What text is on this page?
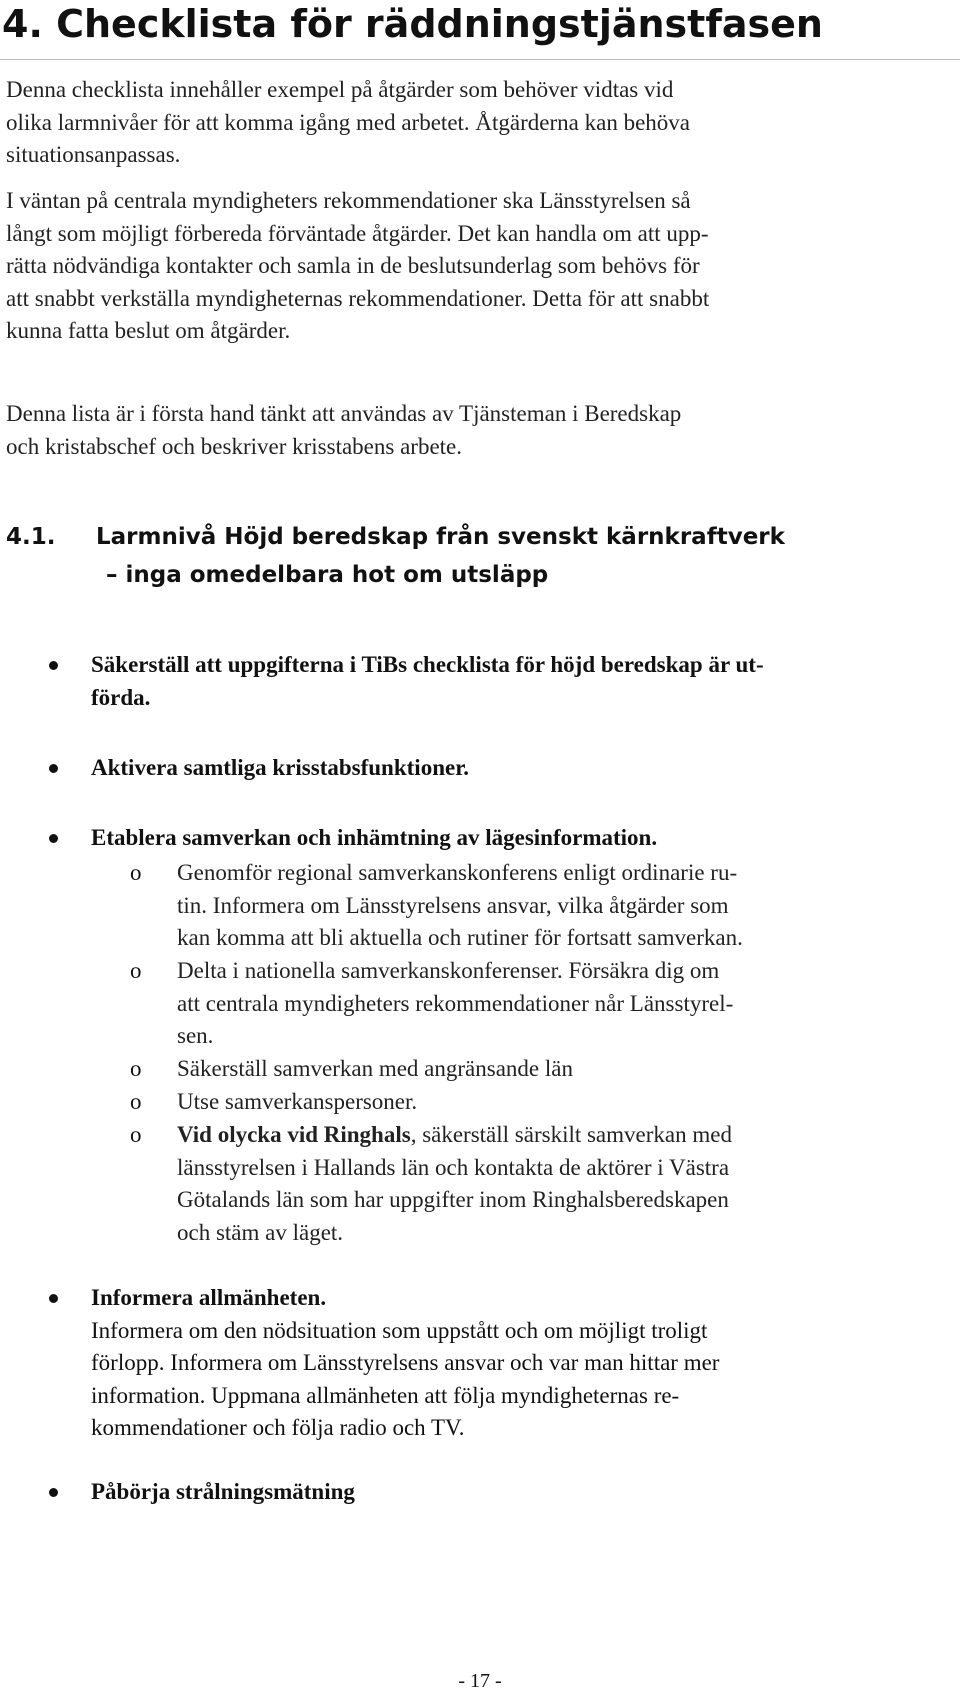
4. Checklista för räddningstjänstfasen
Denna checklista innehåller exempel på åtgärder som behöver vidtas vid
olika larmnivåer för att komma igång med arbetet. Åtgärderna kan behöva
situationsanpassas.
I väntan på centrala myndigheters rekommendationer ska Länsstyrelsen så
långt som möjligt förbereda förväntade åtgärder. Det kan handla om att upp-
rätta nödvändiga kontakter och samla in de beslutsunderlag som behövs för
att snabbt verkställa myndigheternas rekommendationer. Detta för att snabbt
kunna fatta beslut om åtgärder.
Denna lista är i första hand tänkt att användas av Tjänsteman i Beredskap
och kristabschef och beskriver krisstabens arbete.
4.1. Larmnivå Höjd beredskap från svenskt kärnkraftverk
– inga omedelbara hot om utsläpp
Säkerställ att uppgifterna i TiBs checklista för höjd beredskap är ut-
förda.
Aktivera samtliga krisstabsfunktioner.
Etablera samverkan och inhämtning av lägesinformation.
o Genomför regional samverkanskonferens enligt ordinarie ru-
tin. Informera om Länsstyrelsens ansvar, vilka åtgärder som
kan komma att bli aktuella och rutiner för fortsatt samverkan.
o Delta i nationella samverkanskonferenser. Försäkra dig om
att centrala myndigheters rekommendationer når Länsstyrel-
sen.
o Säkerställ samverkan med angränsande län
o Utse samverkanspersoner.
o Vid olycka vid Ringhals, säkerställ särskilt samverkan med
länsstyrelsen i Hallands län och kontakta de aktörer i Västra
Götalands län som har uppgifter inom Ringhalsberedskapen
och stäm av läget.
Informera allmänheten.
Informera om den nödsituation som uppstått och om möjligt troligt
förlopp. Informera om Länsstyrelsens ansvar och var man hittar mer
information. Uppmana allmänheten att följa myndigheternas re-
kommendationer och följa radio och TV.
Påbörja strålningsmätning
- 17 -
